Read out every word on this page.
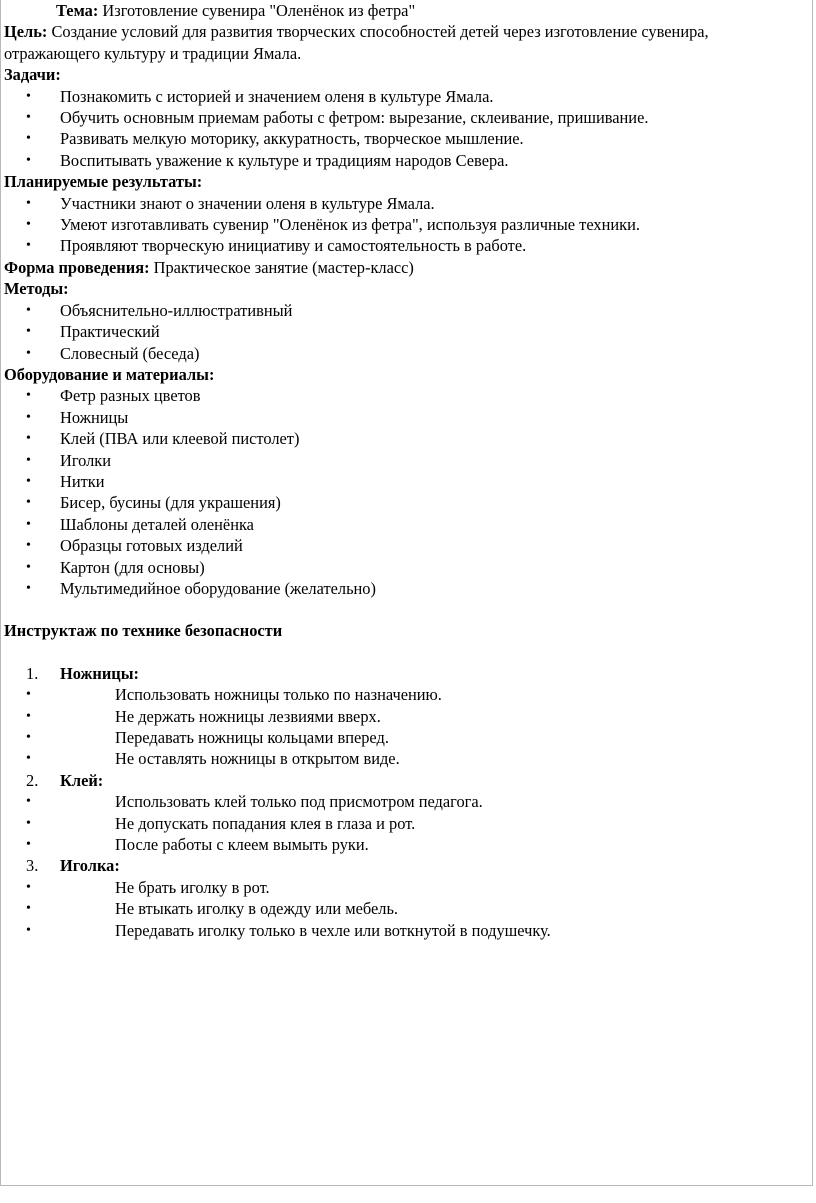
Тема: Изготовление сувенира "Оленёнок из фетра"

Цель: Создание условий для развития творческих способностей детей через изготовление сувенира, отражающего культуру и традиции Ямала.

Задачи:

• Познакомить с историей и значением оленя в культуре Ямала.
• Обучить основным приемам работы с фетром: вырезание, склеивание, пришивание.
• Развивать мелкую моторику, аккуратность, творческое мышление.
• Воспитывать уважение к культуре и традициям народов Севера.

Планируемые результаты:

• Участники знают о значении оленя в культуре Ямала.
• Умеют изготавливать сувенир "Оленёнок из фетра", используя различные техники.
• Проявляют творческую инициативу и самостоятельность в работе.

Форма проведения: Практическое занятие (мастер-класс)

Методы:

• Объяснительно-иллюстративный
• Практический
• Словесный (беседа)

Оборудование и материалы:

• Фетр разных цветов
• Ножницы
• Клей (ПВА или клеевой пистолет)
• Иголки
• Нитки
• Бисер, бусины (для украшения)
• Шаблоны деталей оленёнка
• Образцы готовых изделий
• Картон (для основы)
• Мультимедийное оборудование (желательно)

Инструктаж по технике безопасности

1. Ножницы:

• Использовать ножницы только по назначению.
• Не держать ножницы лезвиями вверх.
• Передавать ножницы кольцами вперед.
• Не оставлять ножницы в открытом виде.

2. Клей:

• Использовать клей только под присмотром педагога.
• Не допускать попадания клея в глаза и рот.
• После работы с клеем вымыть руки.

3. Иголка:

• Не брать иголку в рот.
• Не втыкать иголку в одежду или мебель.
• Передавать иголку только в чехле или воткнутой в подушечку.
